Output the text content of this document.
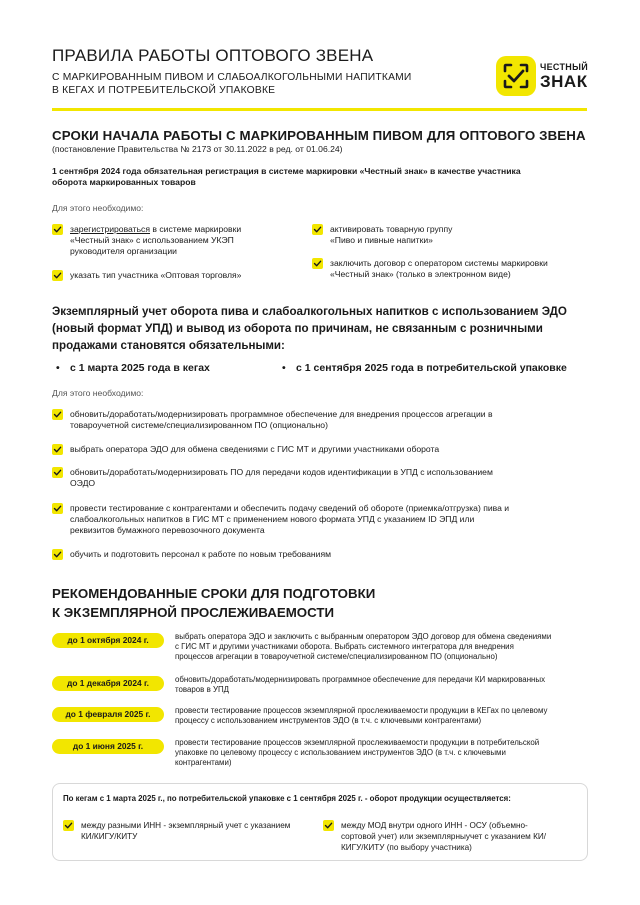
ПРАВИЛА РАБОТЫ ОПТОВОГО ЗВЕНА
С МАРКИРОВАННЫМ ПИВОМ И СЛАБОАЛКОГОЛЬНЫМИ НАПИТКАМИ
В КЕГАХ И ПОТРЕБИТЕЛЬСКОЙ УПАКОВКЕ
ЧЕСТНЫЙ
ЗНАК
СРОКИ НАЧАЛА РАБОТЫ С МАРКИРОВАННЫМ ПИВОМ ДЛЯ ОПТОВОГО ЗВЕНА
(постановление Правительства № 2173 от 30.11.2022 в ред. от 01.06.24)
1 сентября 2024 года обязательная регистрация в системе маркировки «Честный знак» в качестве участника
оборота маркированных товаров
Для этого необходимо:
зарегистрироваться в системе маркировки
«Честный знак» с использованием УКЭП
руководителя организации
указать тип участника «Оптовая торговля»
активировать товарную группу
«Пиво и пивные напитки»
заключить договор с оператором системы маркировки
«Честный знак» (только в электронном виде)
Экземплярный учет оборота пива и слабоалкогольных напитков с использованием ЭДО
(новый формат УПД) и вывод из оборота по причинам, не связанным с розничными
продажами становятся обязательными:
• с 1 марта 2025 года в кегах	• с 1 сентября 2025 года в потребительской упаковке
Для этого необходимо:
обновить/доработать/модернизировать программное обеспечение для внедрения процессов агрегации в
товароучетной системе/специализированном ПО (опционально)
выбрать оператора ЭДО для обмена сведениями с ГИС МТ и другими участниками оборота
обновить/доработать/модернизировать ПО для передачи кодов идентификации в УПД с использованием
ОЭДО
провести тестирование с контрагентами и обеспечить подачу сведений об обороте (приемка/отгрузка) пива и
слабоалкогольных напитков в ГИС МТ с применением нового формата УПД с указанием ID ЭПД или
реквизитов бумажного перевозочного документа
обучить и подготовить персонал к работе по новым требованиям
РЕКОМЕНДОВАННЫЕ СРОКИ ДЛЯ ПОДГОТОВКИ
К ЭКЗЕМПЛЯРНОЙ ПРОСЛЕЖИВАЕМОСТИ
до 1 октября 2024 г.	выбрать оператора ЭДО и заключить с выбранным оператором ЭДО договор для обмена сведениями
с ГИС МТ и другими участниками оборота. Выбрать системного интегратора для внедрения
процессов агрегации в товароучетной системе/специализированном ПО (опционально)
до 1 декабря 2024 г.	обновить/доработать/модернизировать программное обеспечение для передачи КИ маркированных
товаров в УПД
до 1 февраля 2025 г.	провести тестирование процессов экземплярной прослеживаемости продукции в КЕГах по целевому
процессу с использованием инструментов ЭДО (в т.ч. с ключевыми контрагентами)
до 1 июня 2025 г.	провести тестирование процессов экземплярной прослеживаемости продукции в потребительской
упаковке по целевому процессу с использованием инструментов ЭДО (в т.ч. с ключевыми
контрагентами)
По кегам с 1 марта 2025 г., по потребительской упаковке с 1 сентября 2025 г. - оборот продукции осуществляется:
между разными ИНН - экземплярный учет с указанием
КИ/КИГУ/КИТУ
между МОД внутри одного ИНН - ОСУ (объемно-
сортовой учет) или экземплярныучет с указанием КИ/
КИГУ/КИТУ (по выбору участника)
